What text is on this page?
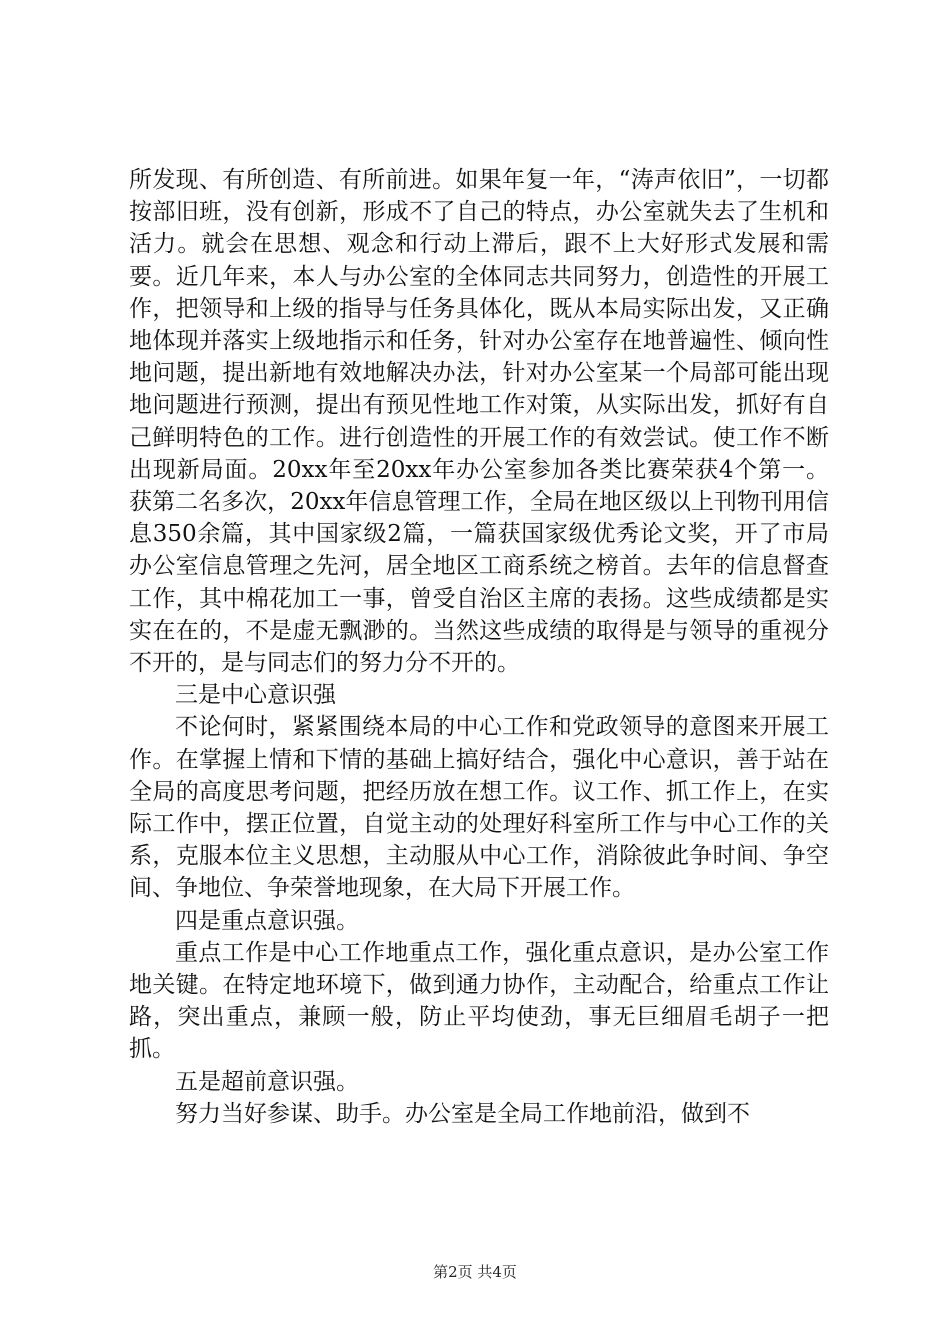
所发现、有所创造、有所前进。如果年复一年，“涛声依旧”，一切都按部旧班，没有创新，形成不了自己的特点，办公室就失去了生机和活力。就会在思想、观念和行动上滞后，跟不上大好形式发展和需要。近几年来，本人与办公室的全体同志共同努力，创造性的开展工作，把领导和上级的指导与任务具体化，既从本局实际出发，又正确地体现并落实上级地指示和任务，针对办公室存在地普遍性、倾向性地问题，提出新地有效地解决办法，针对办公室某一个局部可能出现地问题进行预测，提出有预见性地工作对策，从实际出发，抓好有自己鲜明特色的工作。进行创造性的开展工作的有效尝试。使工作不断出现新局面。20xx年至20xx年办公室参加各类比赛荣获4个第一。获第二名多次，20xx年信息管理工作，全局在地区级以上刊物刊用信息350余篇，其中国家级2篇，一篇获国家级优秀论文奖，开了市局办公室信息管理之先河，居全地区工商系统之榜首。去年的信息督查工作，其中棉花加工一事，曾受自治区主席的表扬。这些成绩都是实实在在的，不是虚无飘渺的。当然这些成绩的取得是与领导的重视分不开的，是与同志们的努力分不开的。

三是中心意识强

不论何时，紧紧围绕本局的中心工作和党政领导的意图来开展工作。在掌握上情和下情的基础上搞好结合，强化中心意识，善于站在全局的高度思考问题，把经历放在想工作。议工作、抓工作上，在实际工作中，摆正位置，自觉主动的处理好科室所工作与中心工作的关系，克服本位主义思想，主动服从中心工作，消除彼此争时间、争空间、争地位、争荣誉地现象，在大局下开展工作。

四是重点意识强。

重点工作是中心工作地重点工作，强化重点意识，是办公室工作地关键。在特定地环境下，做到通力协作，主动配合，给重点工作让路，突出重点，兼顾一般，防止平均使劲，事无巨细眉毛胡子一把抓。

五是超前意识强。

努力当好参谋、助手。办公室是全局工作地前沿，做到不

第2页 共4页
